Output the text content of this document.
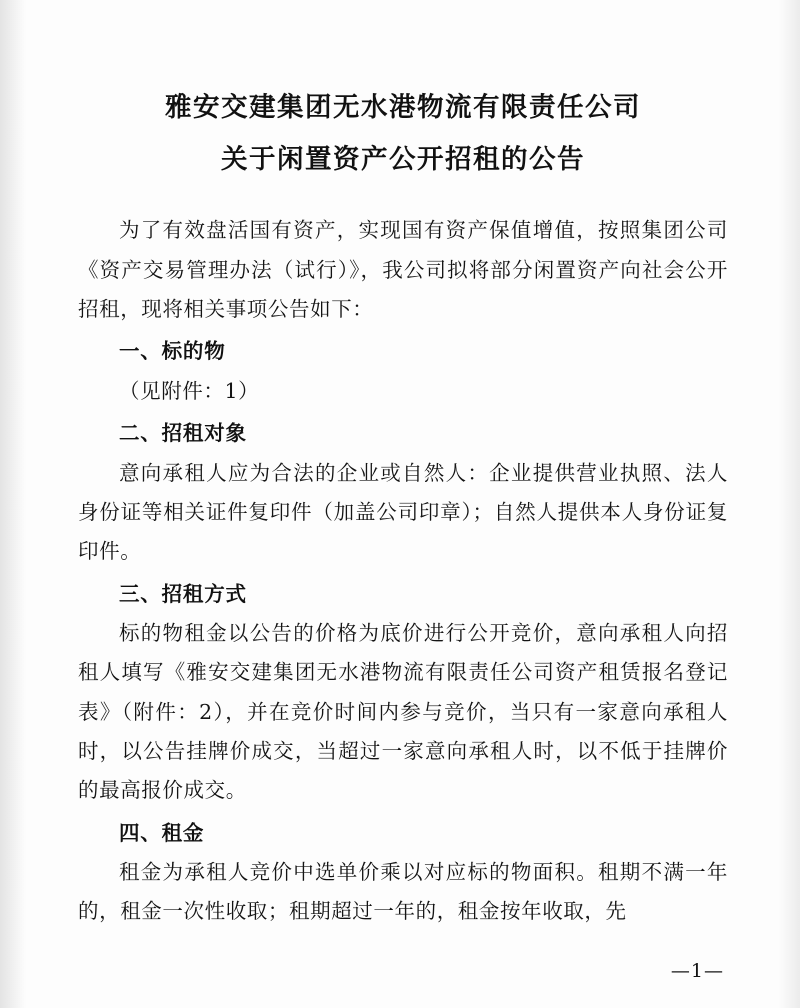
雅安交建集团无水港物流有限责任公司
关于闲置资产公开招租的公告

为了有效盘活国有资产，实现国有资产保值增值，按照集团公司《资产交易管理办法（试行）》，我公司拟将部分闲置资产向社会公开招租，现将相关事项公告如下：

一、标的物

（见附件：1）

二、招租对象

意向承租人应为合法的企业或自然人：企业提供营业执照、法人身份证等相关证件复印件（加盖公司印章）；自然人提供本人身份证复印件。

三、招租方式

标的物租金以公告的价格为底价进行公开竞价，意向承租人向招租人填写《雅安交建集团无水港物流有限责任公司资产租赁报名登记表》（附件：2），并在竞价时间内参与竞价，当只有一家意向承租人时，以公告挂牌价成交，当超过一家意向承租人时，以不低于挂牌价的最高报价成交。

四、租金

租金为承租人竞价中选单价乘以对应标的物面积。租期不满一年的，租金一次性收取；租期超过一年的，租金按年收取，先

—1—
